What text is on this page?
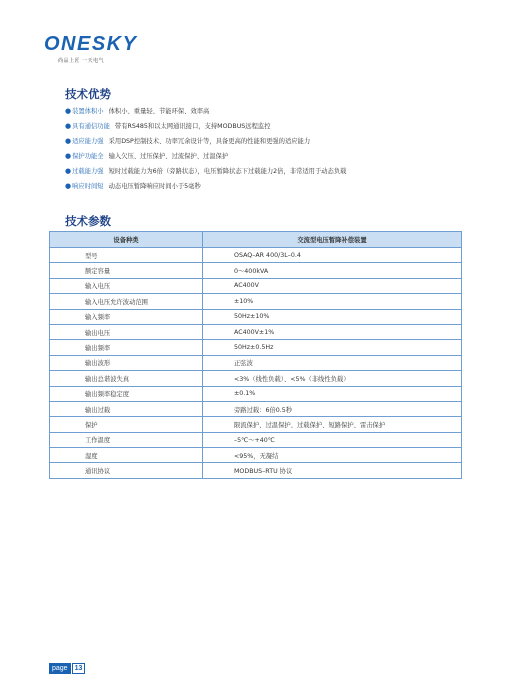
ONESKY
尚品上匠 一天电气
技术优势
●装置体积小 体积小、重量轻、节能环保、效率高
●具有通信功能 带有RS485和以太网通讯接口，支持MODBUS远程监控
●适应能力强 采用DSP控制技术、功率冗余设计等，具备更高的性能和更强的适应能力
●保护功能全 输入欠压、过压保护、过流保护、过温保护
●过载能力强 短时过载能力为6倍（旁路状态），电压暂降状态下过载能力2倍，非常适用于动态负载
●响应时间短 动态电压暂降响应时间小于5毫秒
技术参数
设备种类	交流型电压暂降补偿装置
型号	OSAQ–AR 400/3L–0.4
额定容量	0～400kVA
输入电压	AC400V
输入电压允许波动范围	±10%
输入频率	50Hz±10%
输出电压	AC400V±1%
输出频率	50Hz±0.5Hz
输出波形	正弦波
输出总谐波失真	<3%（线性负载）、<5%（非线性负载）
输出频率稳定度	±0.1%
输出过载	旁路过载：6倍0.5秒
保护	限流保护、过温保护、过载保护、短路保护、雷击保护
工作温度	–5℃～+40℃
湿度	<95%，无凝结
通讯协议	MODBUS–RTU 协议
page	13
